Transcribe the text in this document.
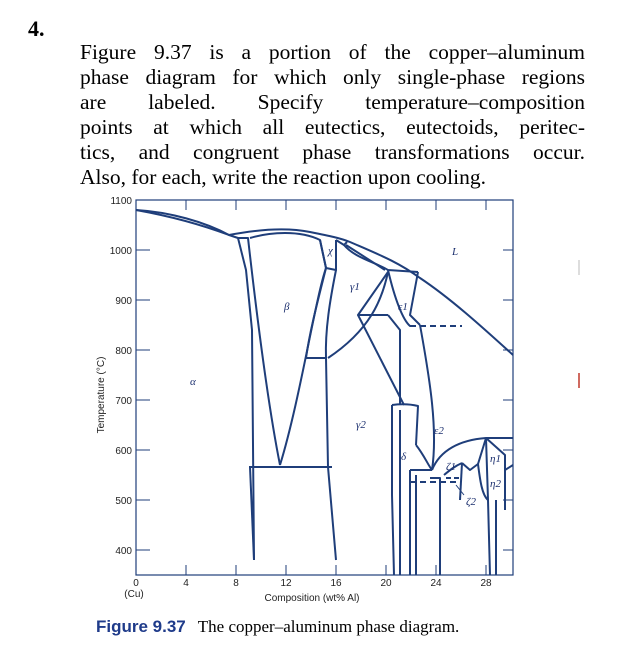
4.
Figure 9.37 is a portion of the copper–aluminum
phase diagram for which only single-phase regions
are labeled. Specify temperature–composition
points at which all eutectics, eutectoids, peritec-
tics, and congruent phase transformations occur.
Also, for each, write the reaction upon cooling.
1100
1000
900
800
700
600
500
400
Temperature (°C)
0	4	8	12	16	20	24	28
(Cu)	Composition (wt% Al)
α
β
χ
γ1
γ2
ε1
ε2
δ
L
η1
η2
ζ1
ζ2
Figure 9.37 The copper–aluminum phase diagram.
